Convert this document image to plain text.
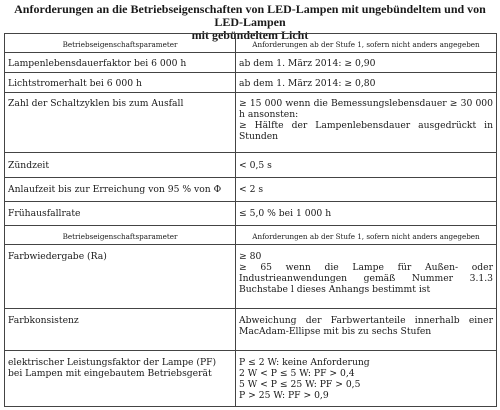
Anforderungen an die Betriebseigenschaften von LED-Lampen mit ungebündeltem und von LED-Lampen
mit gebündeltem Licht
Betriebseigenschaftsparameter	Anforderungen ab der Stufe 1, sofern nicht anders angegeben
Lampenlebensdauerfaktor bei 6 000 h	ab dem 1. März 2014: ≥ 0,90

Lichtstromerhalt bei 6 000 h	ab dem 1. März 2014: ≥ 0,80

Zahl der Schaltzyklen bis zum Ausfall	≥ 15 000 wenn die Bemessungslebensdauer ≥ 30 000 h ansonsten:
≥ Hälfte der Lampenlebensdauer ausgedrückt in Stunden

Zündzeit	< 0,5 s

Anlaufzeit bis zur Erreichung von 95 % von Φ	< 2 s

Frühausfallrate	≤ 5,0 % bei 1 000 h

Betriebseigenschaftsparameter	Anforderungen ab der Stufe 1, sofern nicht anders angegeben
Farbwiedergabe (Ra)	≥ 80
≥ 65 wenn die Lampe für Außen- oder Industrieanwendungen gemäß Nummer 3.1.3 Buchstabe l dieses Anhangs bestimmt ist

Farbkonsistenz	Abweichung der Farbwertanteile innerhalb einer MacAdam-Ellipse mit bis zu sechs Stufen

elektrischer Leistungsfaktor der Lampe (PF) bei Lampen mit eingebautem Betriebsgerät	P ≤ 2 W: keine Anforderung
2 W < P ≤ 5 W: PF > 0,4
5 W < P ≤ 25 W: PF > 0,5
P > 25 W: PF > 0,9
